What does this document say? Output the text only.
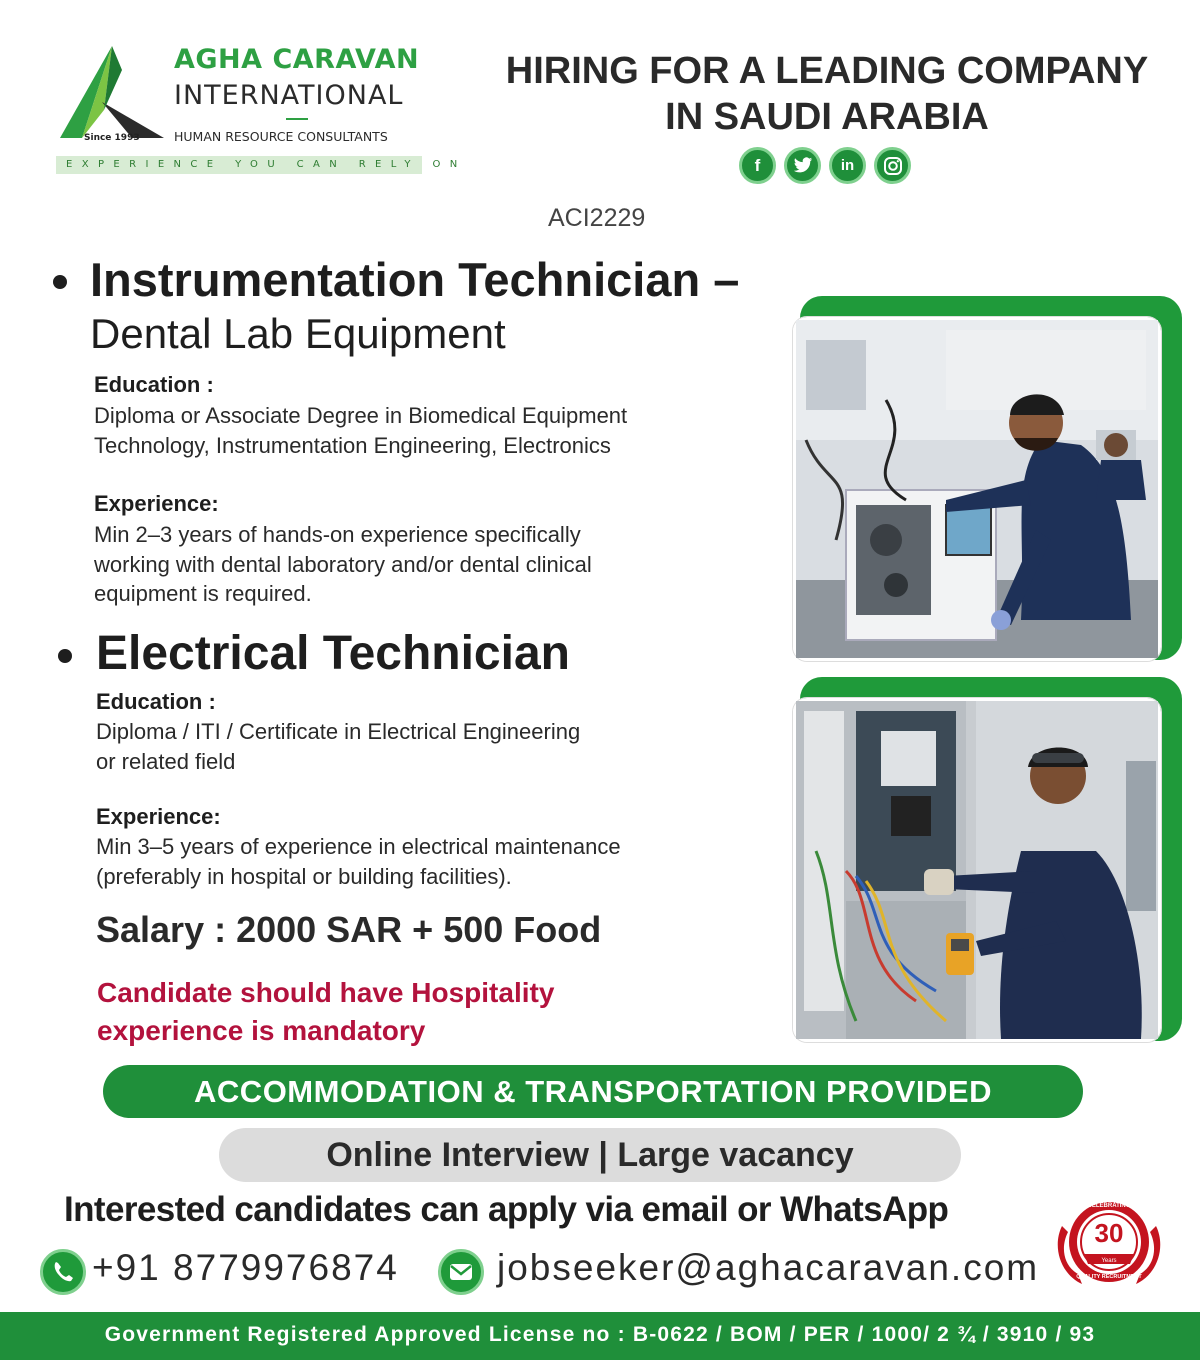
Since 1993
AGHA CARAVAN
INTERNATIONAL
HUMAN RESOURCE CONSULTANTS
EXPERIENCE YOU CAN RELY ON
HIRING FOR A LEADING COMPANY
IN SAUDI ARABIA
f	in
ACI2229
Instrumentation Technician –
Dental Lab Equipment
Education :
Diploma or Associate Degree in Biomedical Equipment
Technology, Instrumentation Engineering, Electronics
Experience:
Min 2–3 years of hands-on experience specifically
working with dental laboratory and/or dental clinical
equipment is required.
Electrical Technician
Education :
Diploma / ITI / Certificate in Electrical Engineering
or related field
Experience:
Min 3–5 years of experience in electrical maintenance
(preferably in hospital or building facilities).
Salary : 2000 SAR + 500 Food
Candidate should have Hospitality
experience is mandatory
ACCOMMODATION & TRANSPORTATION PROVIDED
Online Interview | Large vacancy
Interested candidates can apply via email or WhatsApp
+91 8779976874	jobseeker@aghacaravan.com
30
Years
CELEBRATING
QUALITY RECRUITMENT
Government Registered Approved License no : B-0622 / BOM / PER / 1000/ 2 ¾ / 3910 / 93
